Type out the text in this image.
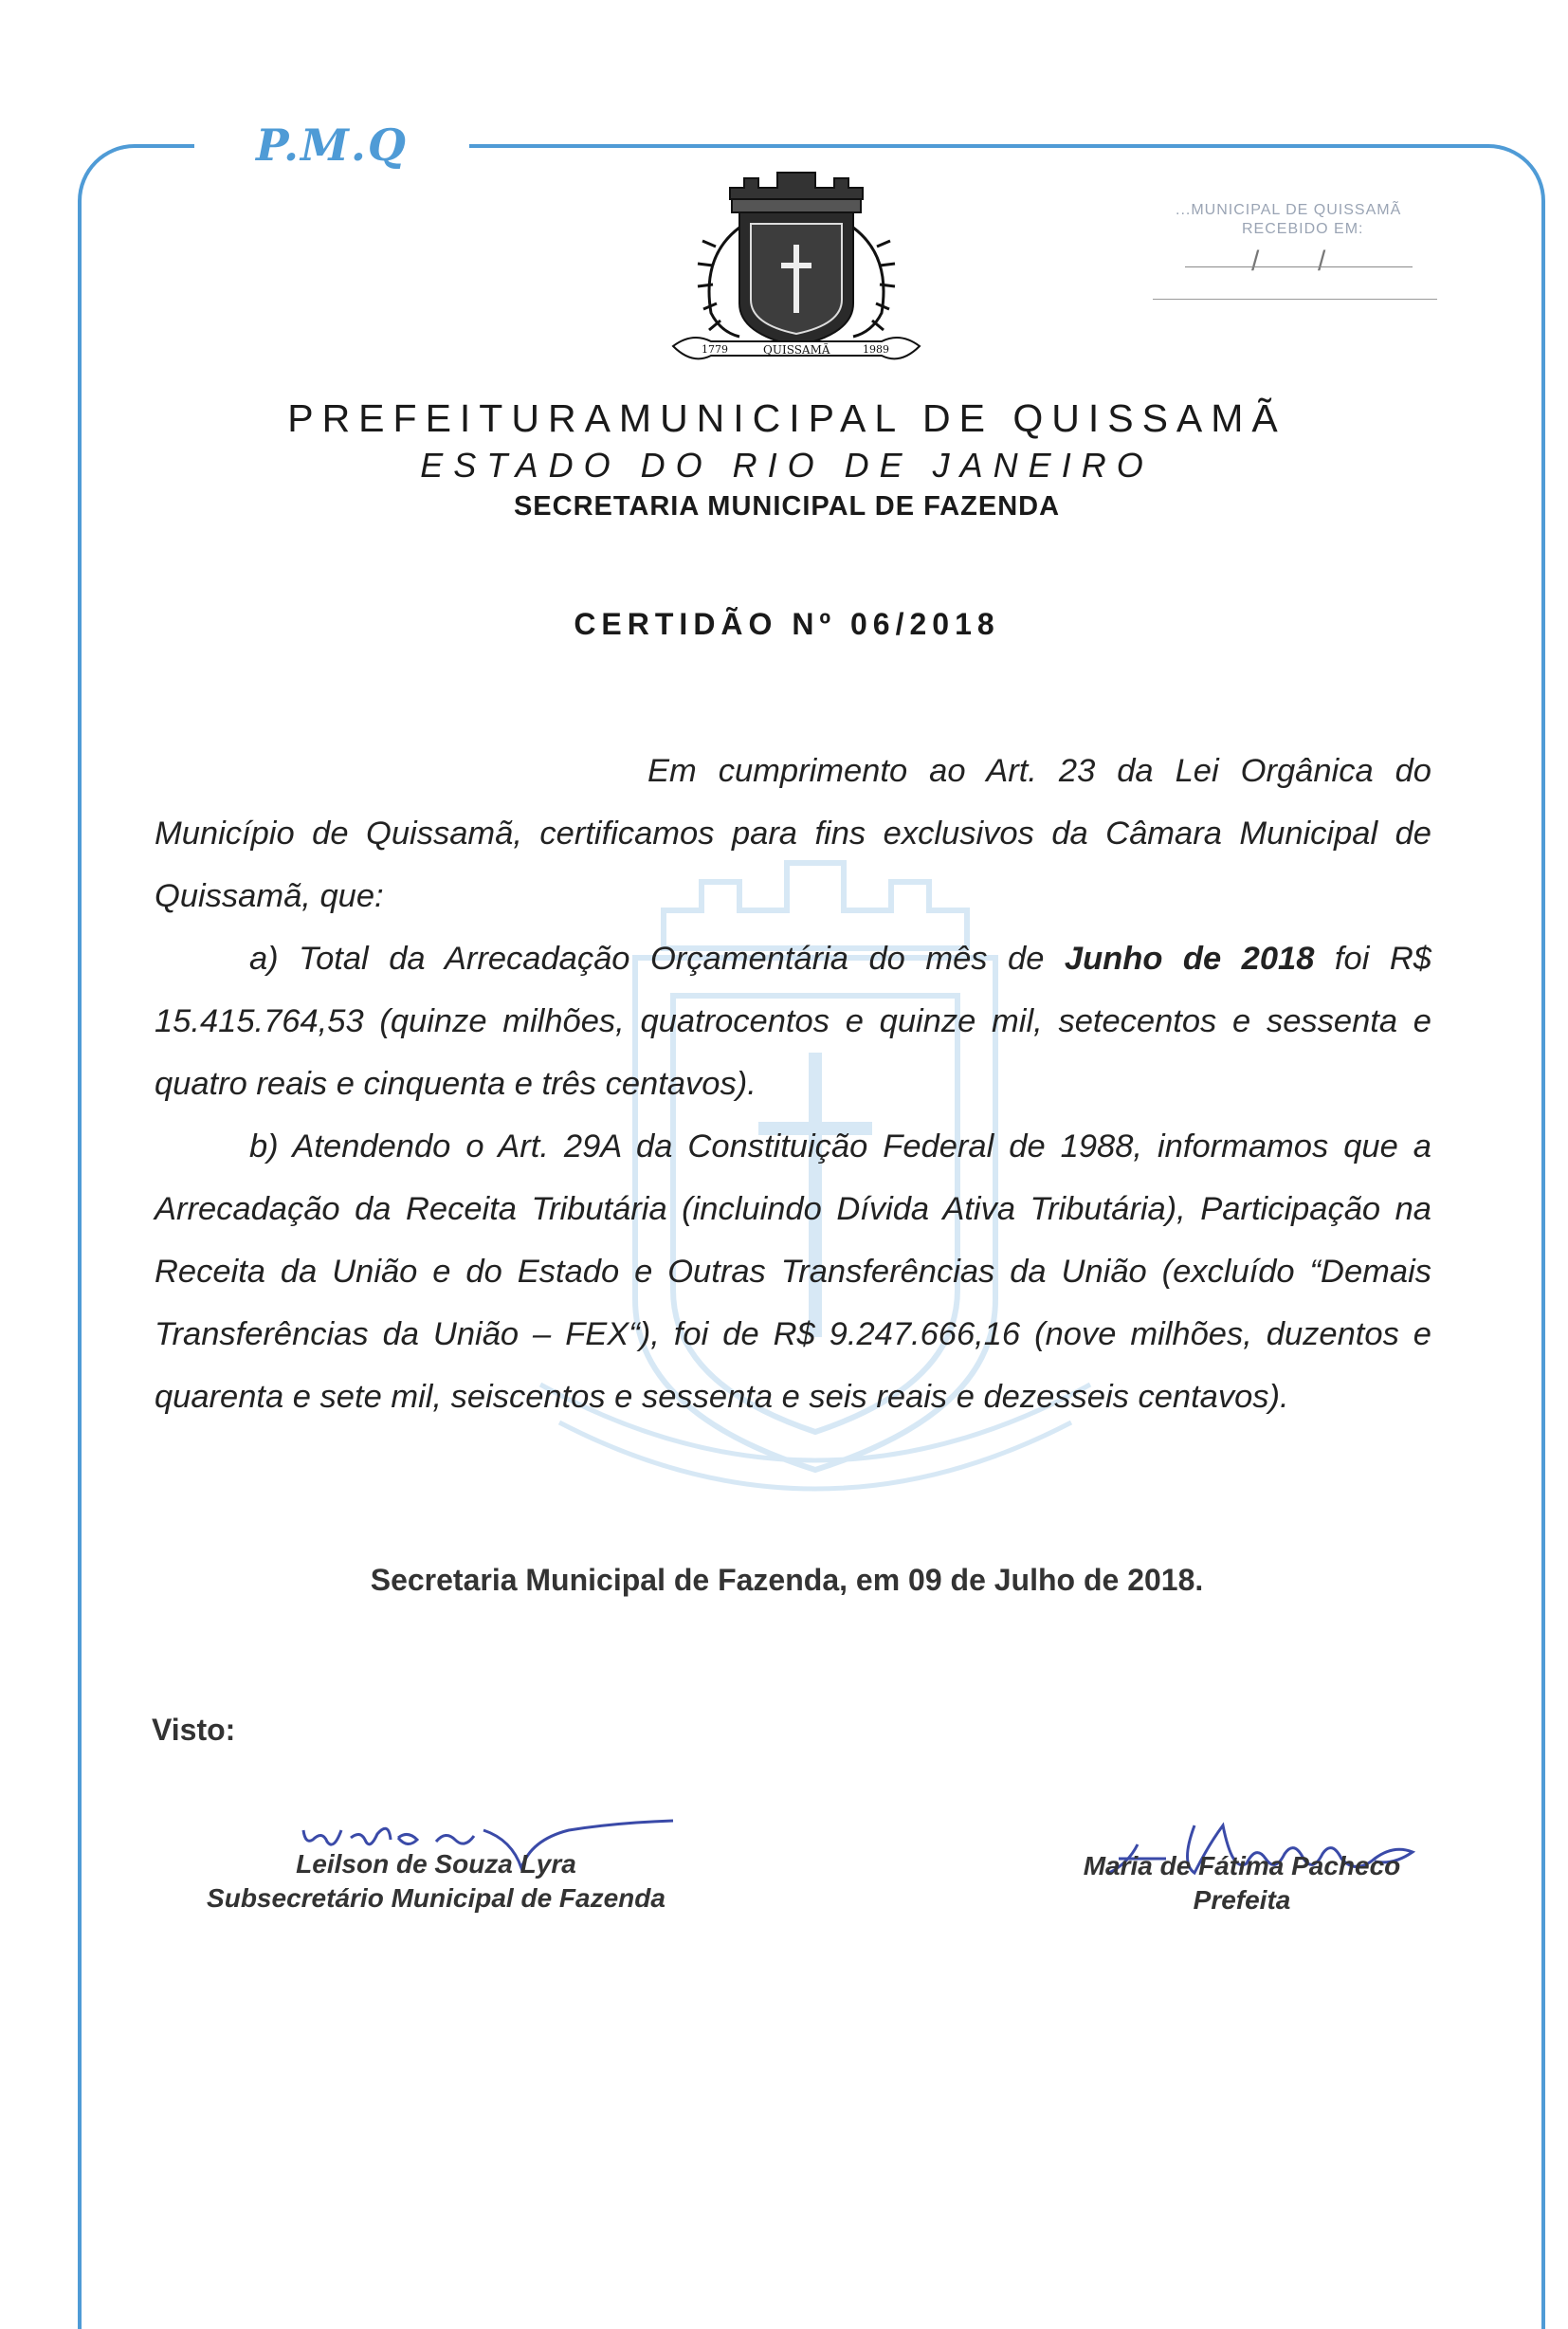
P.M.Q
1779	QUISSAMÃ	1989
...MUNICIPAL DE QUISSAMÃ
RECEBIDO EM:
/ /
PREFEITURAMUNICIPAL DE QUISSAMÃ
ESTADO DO RIO DE JANEIRO
SECRETARIA MUNICIPAL DE FAZENDA
CERTIDÃO Nº 06/2018

Em cumprimento ao Art. 23 da Lei Orgânica do Município de Quissamã, certificamos para fins exclusivos da Câmara Municipal de Quissamã, que:

a) Total da Arrecadação Orçamentária do mês de Junho de 2018 foi R$ 15.415.764,53 (quinze milhões, quatrocentos e quinze mil, setecentos e sessenta e quatro reais e cinquenta e três centavos).

b) Atendendo o Art. 29A da Constituição Federal de 1988, informamos que a Arrecadação da Receita Tributária (incluindo Dívida Ativa Tributária), Participação na Receita da União e do Estado e Outras Transferências da União (excluído “Demais Transferências da União – FEX“), foi de R$ 9.247.666,16 (nove milhões, duzentos e quarenta e sete mil, seiscentos e sessenta e seis reais e dezesseis centavos).

Secretaria Municipal de Fazenda, em 09 de Julho de 2018.
Visto:
Leilson de Souza Lyra
Subsecretário Municipal de Fazenda
Maria de Fátima Pacheco
Prefeita
